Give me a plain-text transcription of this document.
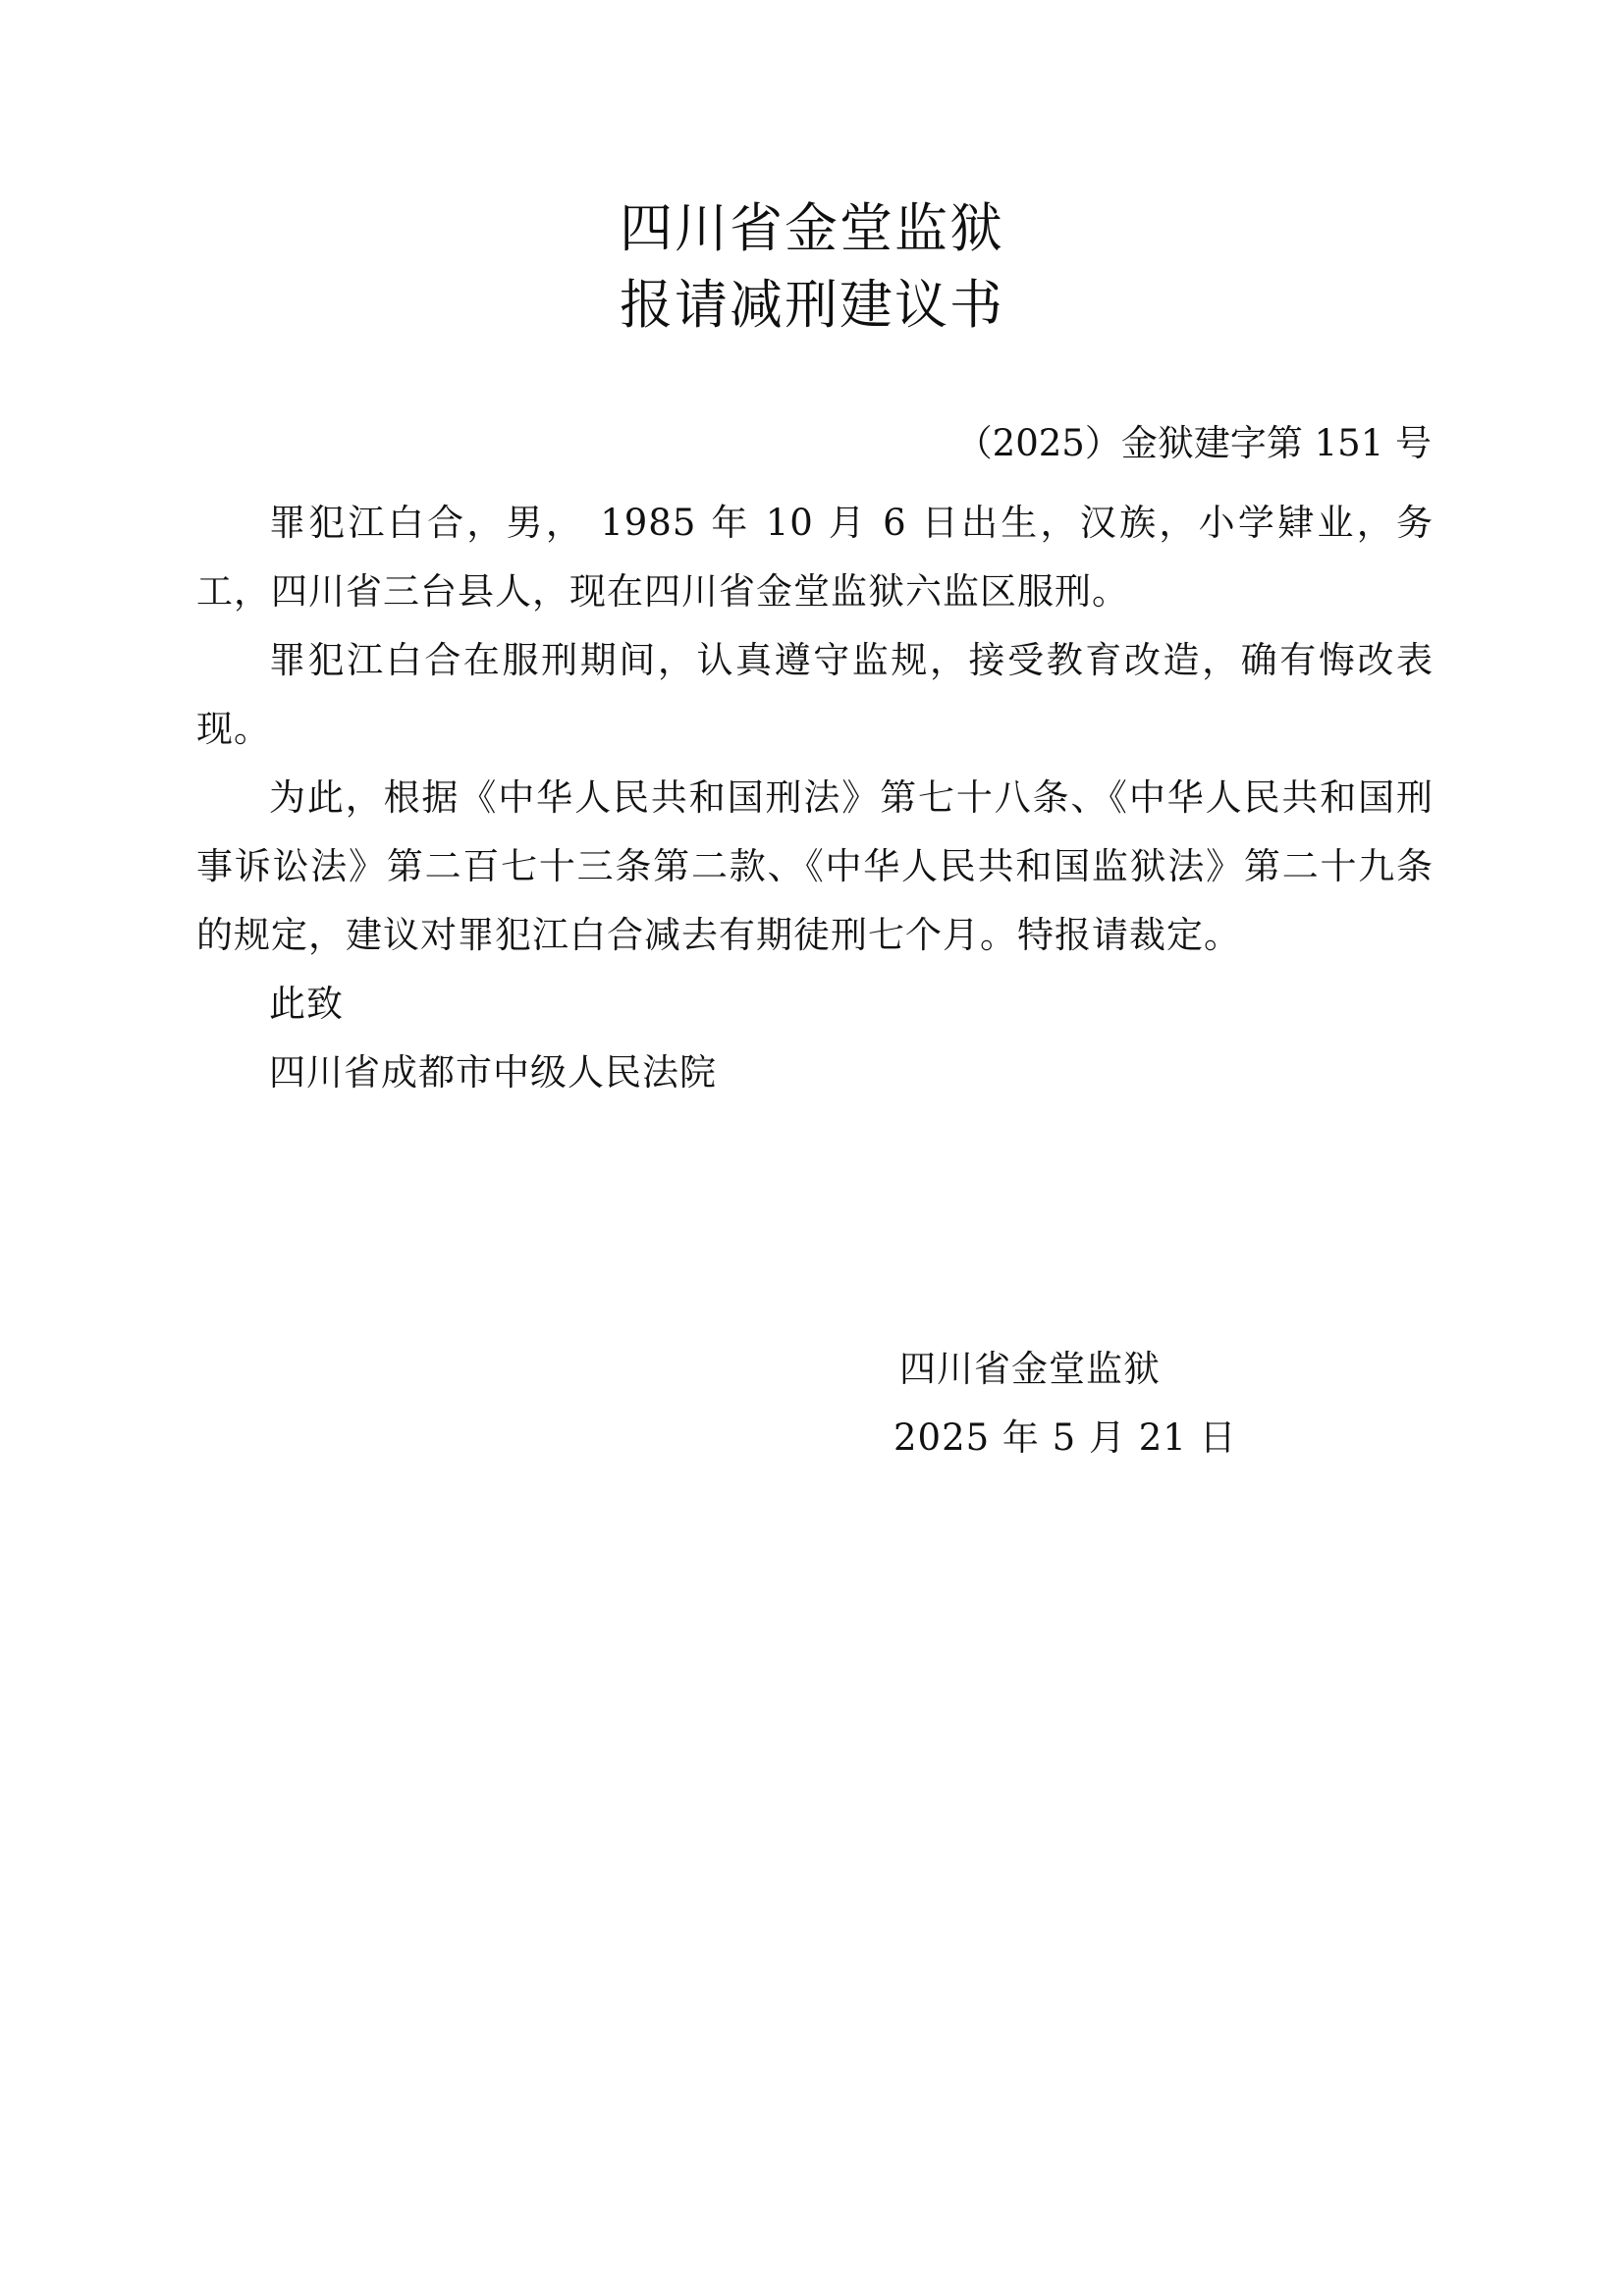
四川省金堂监狱
报请减刑建议书
（2025）金狱建字第 151 号

罪犯江白合，男， 1985 年 10 月 6 日出生，汉族，小学肄业，务工，四川省三台县人，现在四川省金堂监狱六监区服刑。

罪犯江白合在服刑期间，认真遵守监规，接受教育改造，确有悔改表现。

为此，根据《中华人民共和国刑法》第七十八条、《中华人民共和国刑事诉讼法》第二百七十三条第二款、《中华人民共和国监狱法》第二十九条的规定，建议对罪犯江白合减去有期徒刑七个月。特报请裁定。

此致

四川省成都市中级人民法院

四川省金堂监狱
2025 年 5 月 21 日
